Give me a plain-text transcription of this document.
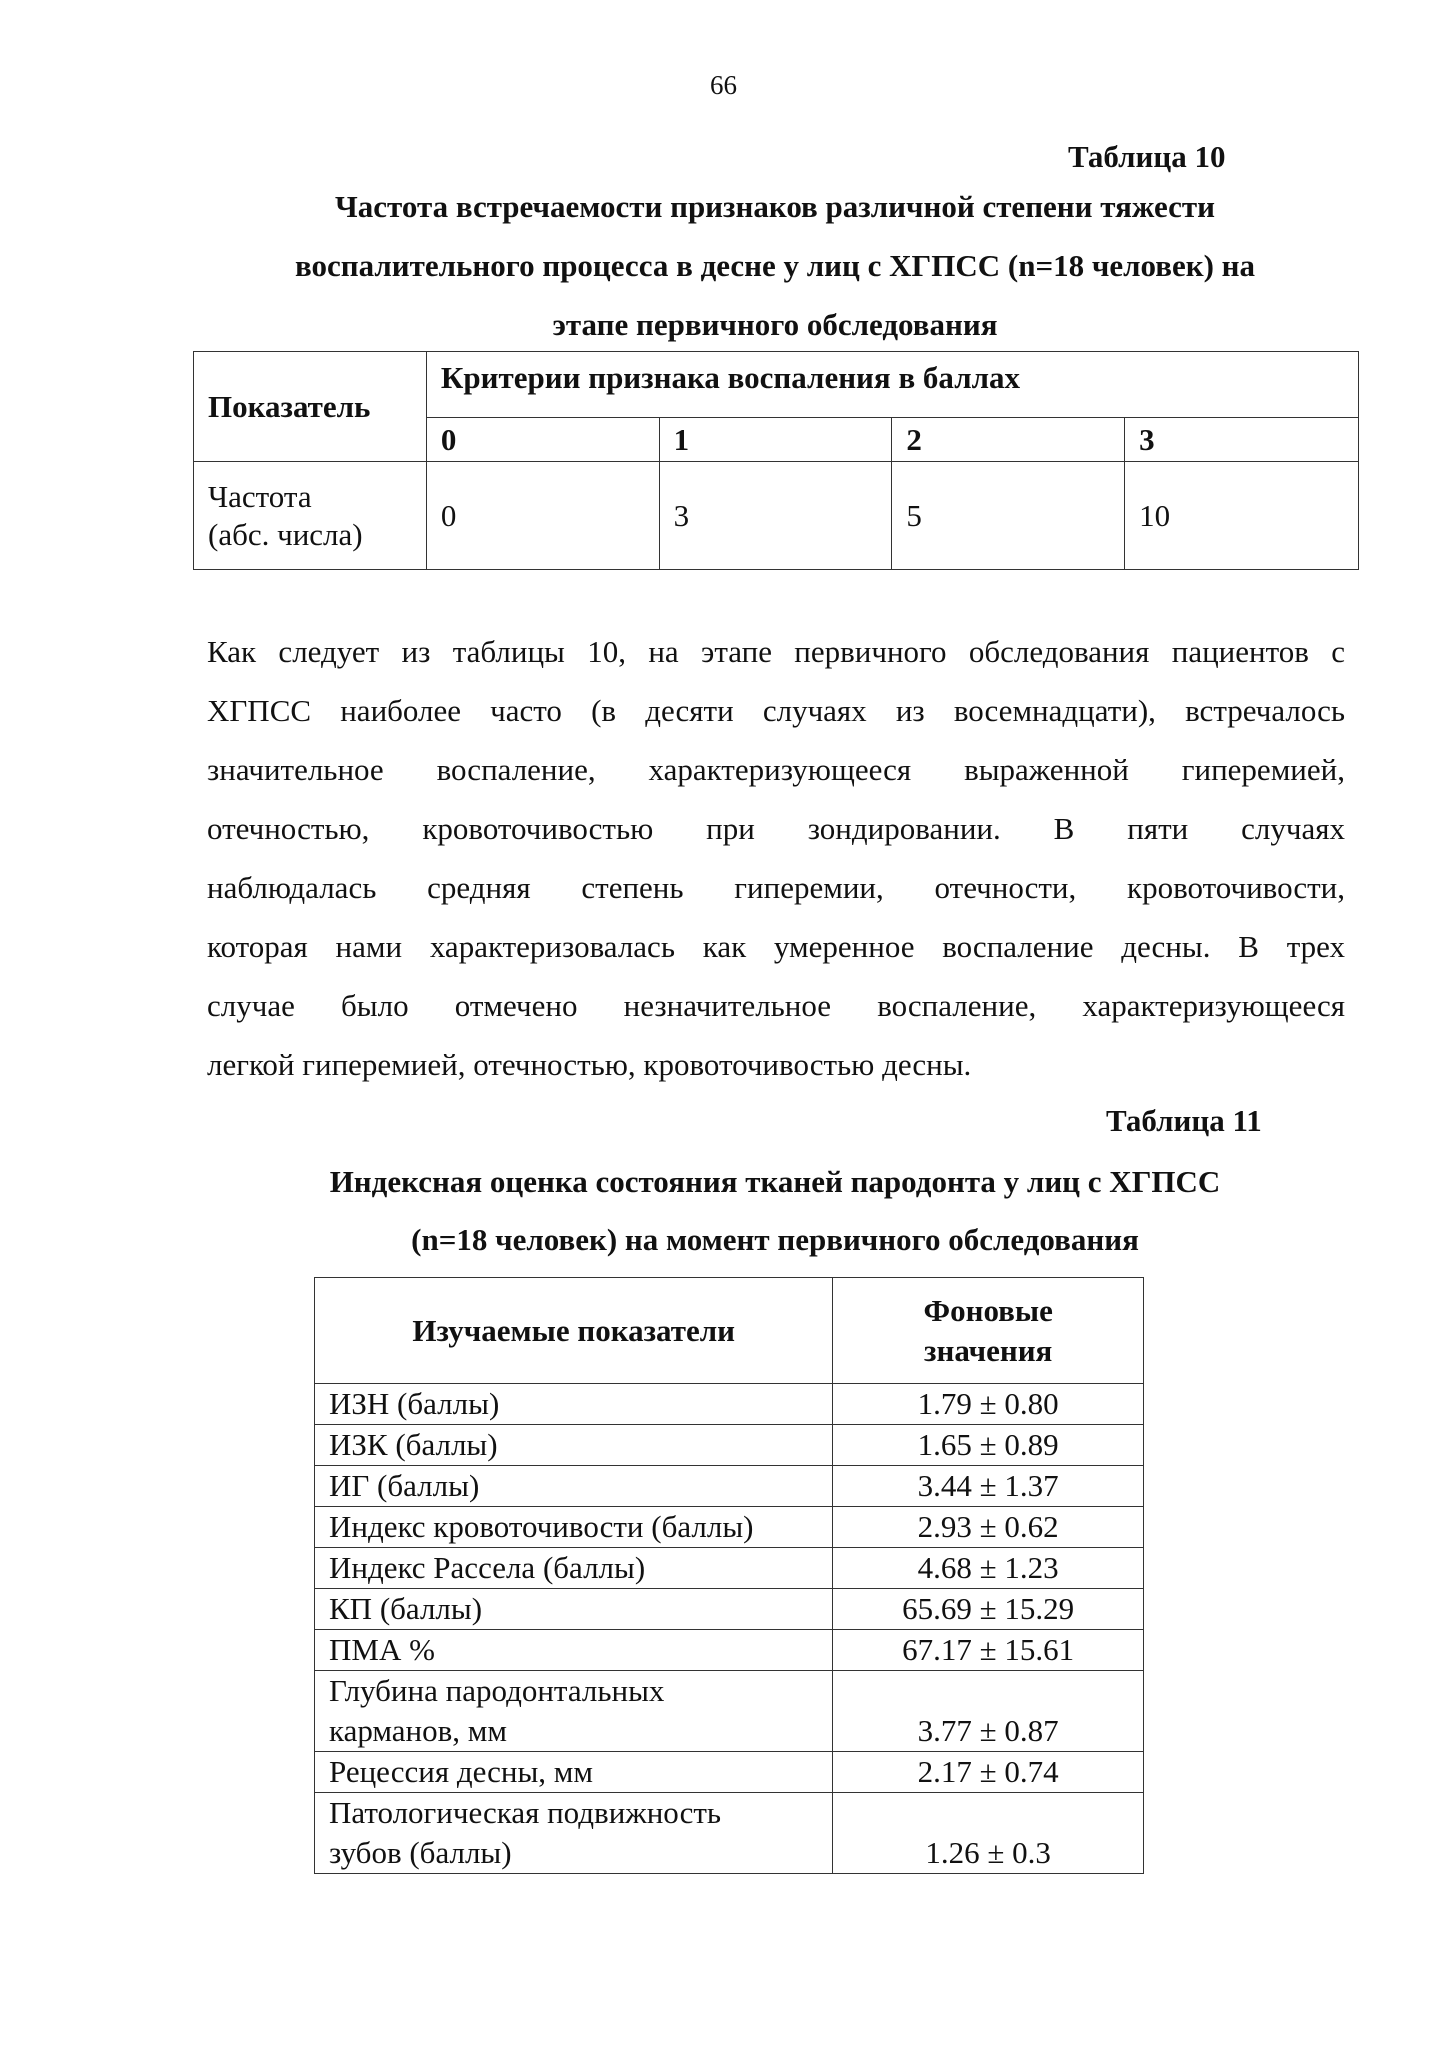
66
Таблица 10
Частота встречаемости признаков различной степени тяжести
воспалительного процесса в десне у лиц с ХГПСС (n=18 человек) на
этапе первичного обследования
Показатель	Критерии признака воспаления в баллах			
	0	1	2	3
Частота
(абс. числа)	0	3	5	10
Как следует из таблицы 10, на этапе первичного обследования пациентов с
ХГПСС наиболее часто (в десяти случаях из восемнадцати), встречалось
значительное воспаление, характеризующееся выраженной гиперемией,
отечностью, кровоточивостью при зондировании. В пяти случаях
наблюдалась средняя степень гиперемии, отечности, кровоточивости,
которая нами характеризовалась как умеренное воспаление десны. В трех
случае было отмечено незначительное воспаление, характеризующееся
легкой гиперемией, отечностью, кровоточивостью десны.
Таблица 11
Индексная оценка состояния тканей пародонта у лиц с ХГПСС
(n=18 человек) на момент первичного обследования
Изучаемые показатели	Фоновые
значения
ИЗН (баллы)	1.79 ± 0.80
ИЗК (баллы)	1.65 ± 0.89
ИГ (баллы)	3.44 ± 1.37
Индекс кровоточивости (баллы)	2.93 ± 0.62
Индекс Рассела (баллы)	4.68 ± 1.23
КП (баллы)	65.69 ± 15.29
ПМА %	67.17 ± 15.61
Глубина пародонтальных
карманов, мм	3.77 ± 0.87
Рецессия десны, мм	2.17 ± 0.74
Патологическая подвижность
зубов (баллы)	1.26 ± 0.3
